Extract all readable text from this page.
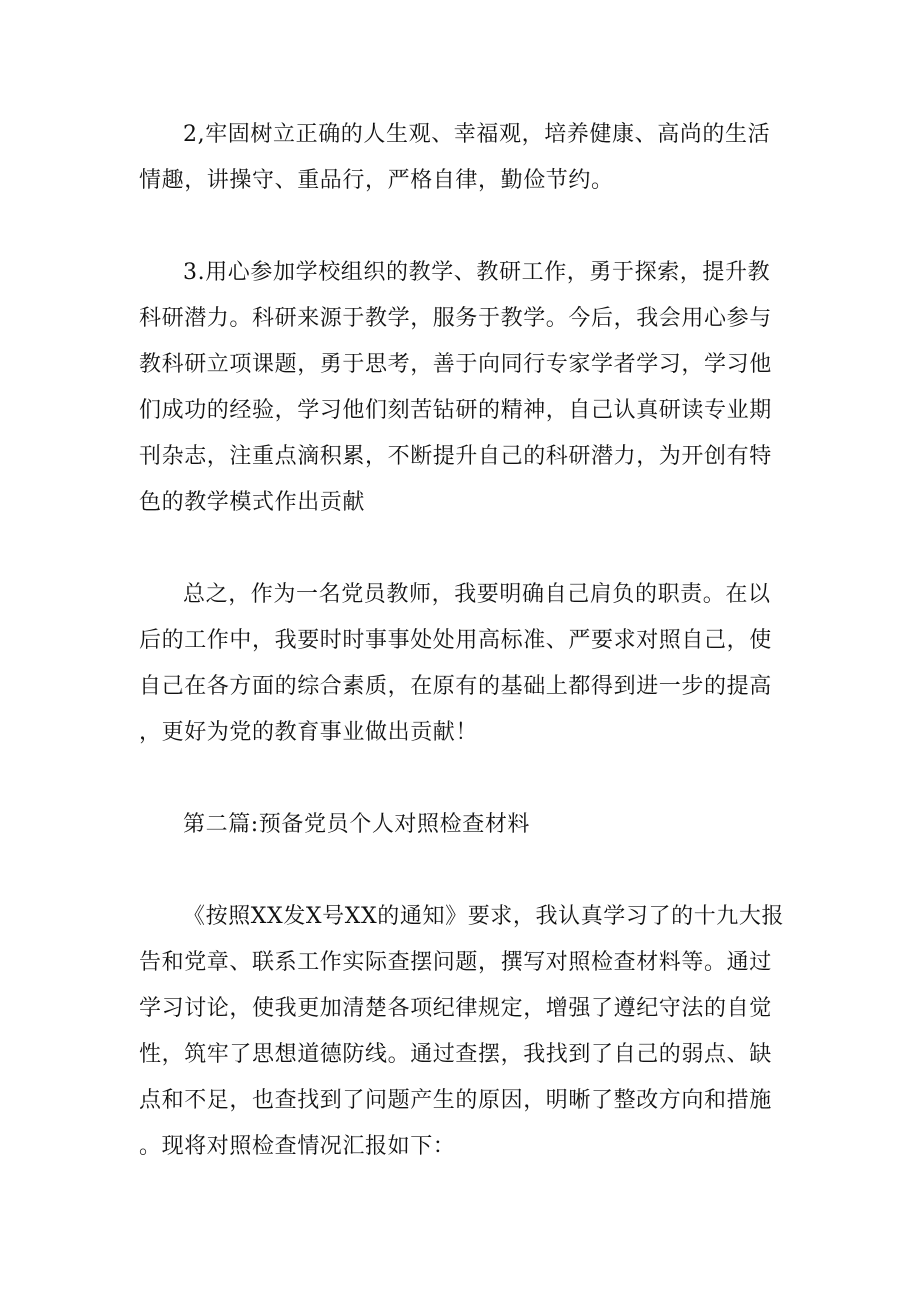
2,牢固树立正确的人生观、幸福观，培养健康、高尚的生活情趣，讲操守、重品行，严格自律，勤俭节约。

3.用心参加学校组织的教学、教研工作，勇于探索，提升教科研潜力。科研来源于教学，服务于教学。今后，我会用心参与教科研立项课题，勇于思考，善于向同行专家学者学习，学习他们成功的经验，学习他们刻苦钻研的精神，自己认真研读专业期刊杂志，注重点滴积累，不断提升自己的科研潜力，为开创有特色的教学模式作出贡献

总之，作为一名党员教师，我要明确自己肩负的职责。在以后的工作中，我要时时事事处处用高标准、严要求对照自己，使自己在各方面的综合素质，在原有的基础上都得到进一步的提高，更好为党的教育事业做出贡献！

第二篇:预备党员个人对照检查材料

《按照XX发X号XX的通知》要求，我认真学习了的十九大报告和党章、联系工作实际查摆问题，撰写对照检查材料等。通过学习讨论，使我更加清楚各项纪律规定，增强了遵纪守法的自觉性，筑牢了思想道德防线。通过查摆，我找到了自己的弱点、缺点和不足，也查找到了问题产生的原因，明晰了整改方向和措施。现将对照检查情况汇报如下：
